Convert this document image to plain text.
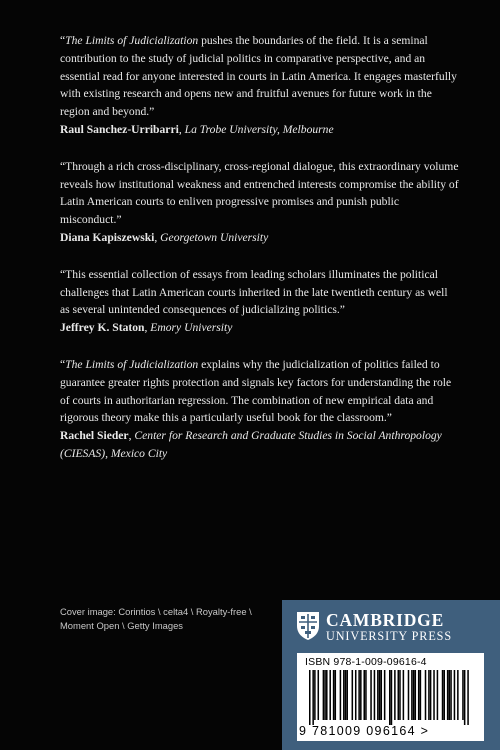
“The Limits of Judicialization pushes the boundaries of the field. It is a seminal contribution to the study of judicial politics in comparative perspective, and an essential read for anyone interested in courts in Latin America. It engages masterfully with existing research and opens new and fruitful avenues for future work in the region and beyond.”

Raul Sanchez-Urribarri, La Trobe University, Melbourne

“Through a rich cross-disciplinary, cross-regional dialogue, this extraordinary volume reveals how institutional weakness and entrenched interests compromise the ability of Latin American courts to enliven progressive promises and punish public misconduct.”

Diana Kapiszewski, Georgetown University

“This essential collection of essays from leading scholars illuminates the political challenges that Latin American courts inherited in the late twentieth century as well as several unintended consequences of judicializing politics.”

Jeffrey K. Staton, Emory University

“The Limits of Judicialization explains why the judicialization of politics failed to guarantee greater rights protection and signals key factors for understanding the role of courts in authoritarian regression. The combination of new empirical data and rigorous theory make this a particularly useful book for the classroom.”

Rachel Sieder, Center for Research and Graduate Studies in Social Anthropology (CIESAS), Mexico City

Cover image: Corintios \ celta4 \ Royalty-free \
Moment Open \ Getty Images	CAMBRIDGE
UNIVERSITY PRESS
ISBN 978-1-009-09616-4
9 781009 096164 >
